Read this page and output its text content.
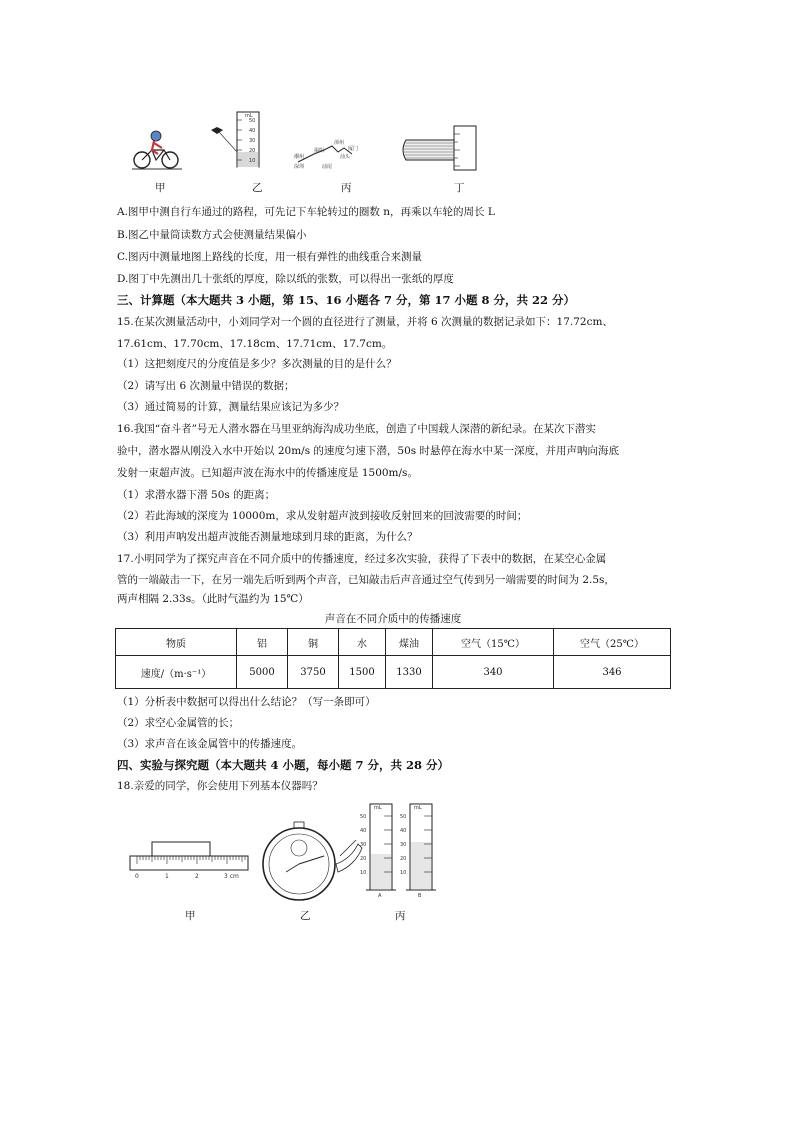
mL
50
40
30
20
10
漳州
潮州
揭阳	厦门
汕头
深圳	汕尾
甲	乙	丙	丁
A.图甲中测自行车通过的路程，可先记下车轮转过的圈数 n，再乘以车轮的周长 L
B.图乙中量筒读数方式会使测量结果偏小
C.图丙中测量地图上路线的长度，用一根有弹性的曲线重合来测量
D.图丁中先测出几十张纸的厚度，除以纸的张数，可以得出一张纸的厚度
三、计算题（本大题共 3 小题，第 15、16 小题各 7 分，第 17 小题 8 分，共 22 分）
15.在某次测量活动中，小刘同学对一个圆的直径进行了测量，并将 6 次测量的数据记录如下：17.72cm、
17.61cm、17.70cm、17.18cm、17.71cm、17.7cm。
（1）这把刻度尺的分度值是多少？多次测量的目的是什么？
（2）请写出 6 次测量中错误的数据；
（3）通过简易的计算，测量结果应该记为多少？
16.我国“奋斗者”号无人潜水器在马里亚纳海沟成功坐底，创造了中国载人深潜的新纪录。在某次下潜实
验中，潜水器从刚没入水中开始以 20m/s 的速度匀速下潜，50s 时悬停在海水中某一深度，并用声呐向海底
发射一束超声波。已知超声波在海水中的传播速度是 1500m/s。
（1）求潜水器下潜 50s 的距离；
（2）若此海域的深度为 10000m，求从发射超声波到接收反射回来的回波需要的时间；
（3）利用声呐发出超声波能否测量地球到月球的距离，为什么？
17.小明同学为了探究声音在不同介质中的传播速度，经过多次实验，获得了下表中的数据，在某空心金属
管的一端敲击一下，在另一端先后听到两个声音，已知敲击后声音通过空气传到另一端需要的时间为 2.5s，
两声相隔 2.33s。（此时气温约为 15℃）
声音在不同介质中的传播速度
物质	铝	铜	水	煤油	空气（15℃）	空气（25℃）
速度/（m·s⁻¹）	5000	3750	1500	1330	340	346
（1）分析表中数据可以得出什么结论？（写一条即可）
（2）求空心金属管的长；
（3）求声音在该金属管中的传播速度。
四、实验与探究题（本大题共 4 小题，每小题 7 分，共 28 分）
18.亲爱的同学，你会使用下列基本仪器吗？
0	1	2	3 cm
mL	mL
50
40
30
20
10
50
40
30
20
10
A	B
甲	乙	丙
